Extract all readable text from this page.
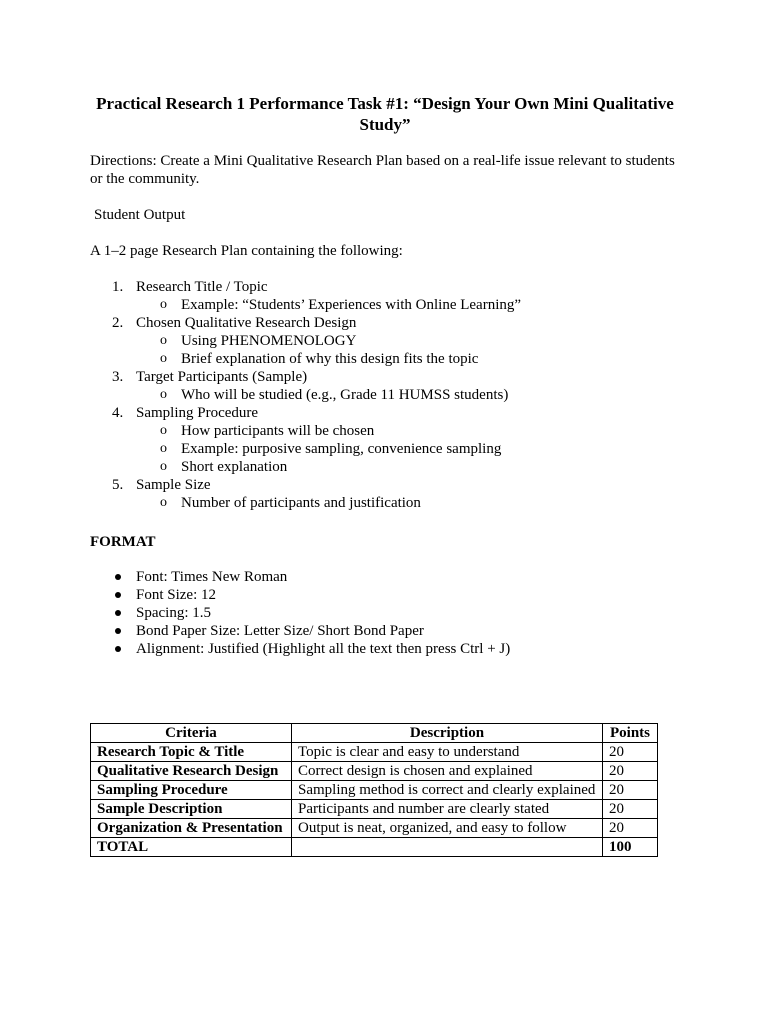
Practical Research 1 Performance Task #1: “Design Your Own Mini Qualitative Study”
Directions: Create a Mini Qualitative Research Plan based on a real-life issue relevant to students or the community.
Student Output
A 1–2 page Research Plan containing the following:
1. Research Title / Topic
o Example: “Students’ Experiences with Online Learning”
2. Chosen Qualitative Research Design
o Using PHENOMENOLOGY
o Brief explanation of why this design fits the topic
3. Target Participants (Sample)
o Who will be studied (e.g., Grade 11 HUMSS students)
4. Sampling Procedure
o How participants will be chosen
o Example: purposive sampling, convenience sampling
o Short explanation
5. Sample Size
o Number of participants and justification
FORMAT
Font: Times New Roman
Font Size: 12
Spacing: 1.5
Bond Paper Size: Letter Size/ Short Bond Paper
Alignment: Justified (Highlight all the text then press Ctrl + J)
Criteria	Description	Points
Research Topic & Title	Topic is clear and easy to understand	20
Qualitative Research Design	Correct design is chosen and explained	20
Sampling Procedure	Sampling method is correct and clearly explained	20
Sample Description	Participants and number are clearly stated	20
Organization & Presentation	Output is neat, organized, and easy to follow	20
TOTAL		100
